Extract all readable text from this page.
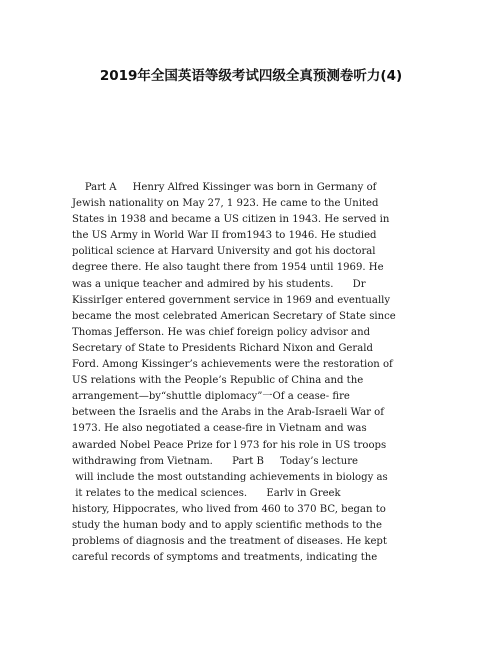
2019年全国英语等级考试四级全真预测卷听力(4)
Part A     Henry Alfred Kissinger was born in Germany of
Jewish nationality on May 27, 1 923. He came to the United
States in 1938 and became a US citizen in 1943. He served in
the US Army in World War II from1943 to 1946. He studied
political science at Harvard University and got his doctoral
degree there. He also taught there from 1954 until 1969. He
was a unique teacher and admired by his students.      Dr
KissirIger entered government service in 1969 and eventually
became the most celebrated American Secretary of State since
Thomas Jefferson. He was chief foreign policy advisor and
Secretary of State to Presidents Richard Nixon and Gerald
Ford. Among Kissinger’s achievements were the restoration of
US relations with the People’s Republic of China and the
arrangement—by“shuttle diplomacy”一Of a cease- fire
between the Israelis and the Arabs in the Arab-Israeli War of
1973. He also negotiated a cease-fire in Vietnam and was
awarded Nobel Peace Prize for l 973 for his role in US troops
withdrawing from Vietnam.      Part B     Today’s lecture
will include the most outstanding achievements in biology as
it relates to the medical sciences.      Earlv in Greek
history, Hippocrates, who lived from 460 to 370 BC, began to
study the human body and to apply scientific methods to the
problems of diagnosis and the treatment of diseases. He kept
careful records of symptoms and treatments, indicating the
